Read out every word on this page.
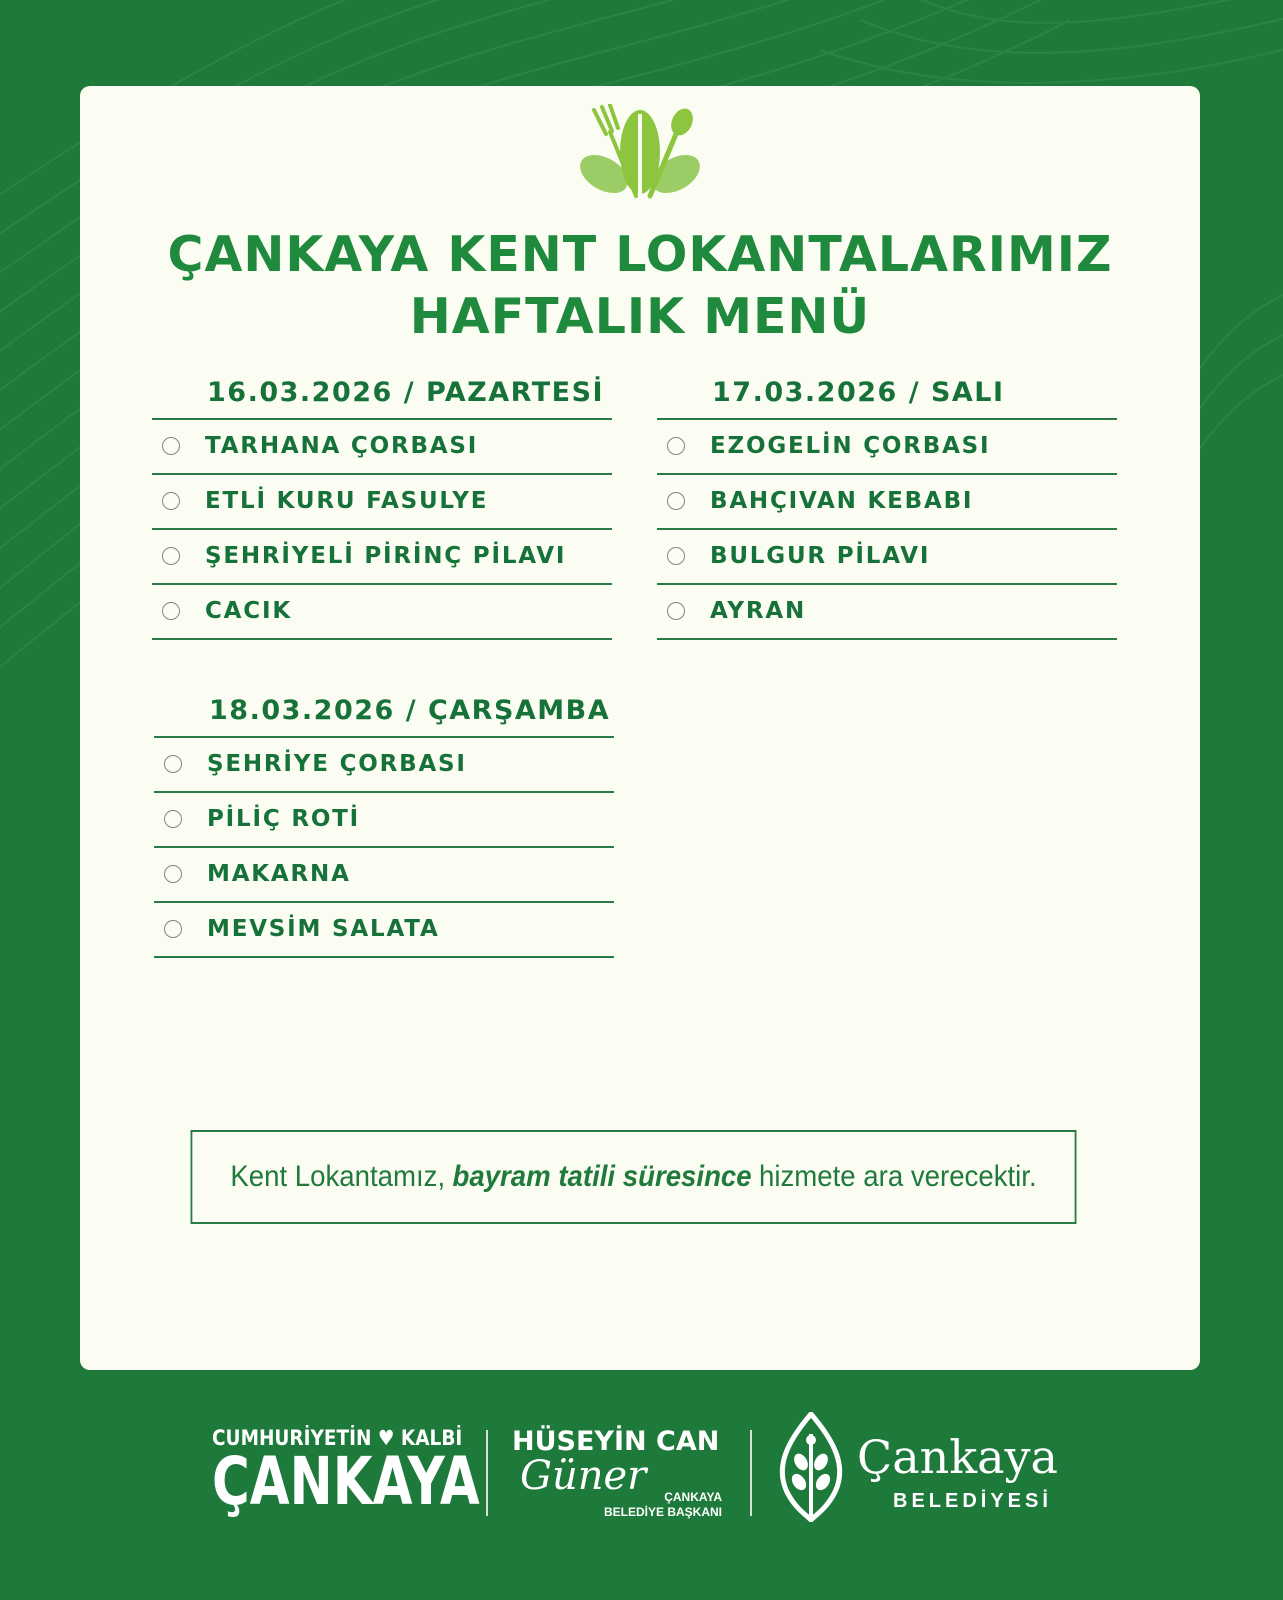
ÇANKAYA KENT LOKANTALARIMIZ
HAFTALIK MENÜ
16.03.2026 / PAZARTESİ
TARHANA ÇORBASI
ETLİ KURU FASULYE
ŞEHRİYELİ PİRİNÇ PİLAVI
CACIK
17.03.2026 / SALI
EZOGELİN ÇORBASI
BAHÇIVAN KEBABI
BULGUR PİLAVI
AYRAN
18.03.2026 / ÇARŞAMBA
ŞEHRİYE ÇORBASI
PİLİÇ ROTİ
MAKARNA
MEVSİM SALATA
Kent Lokantamız, bayram tatili süresince hizmete ara verecektir.
CUMHURİYETİN ♥ KALBİ
ÇANKAYA
HÜSEYİN CAN
Güner	ÇANKAYA
BELEDİYE BAŞKANI
Çankaya
BELEDİYESİ
